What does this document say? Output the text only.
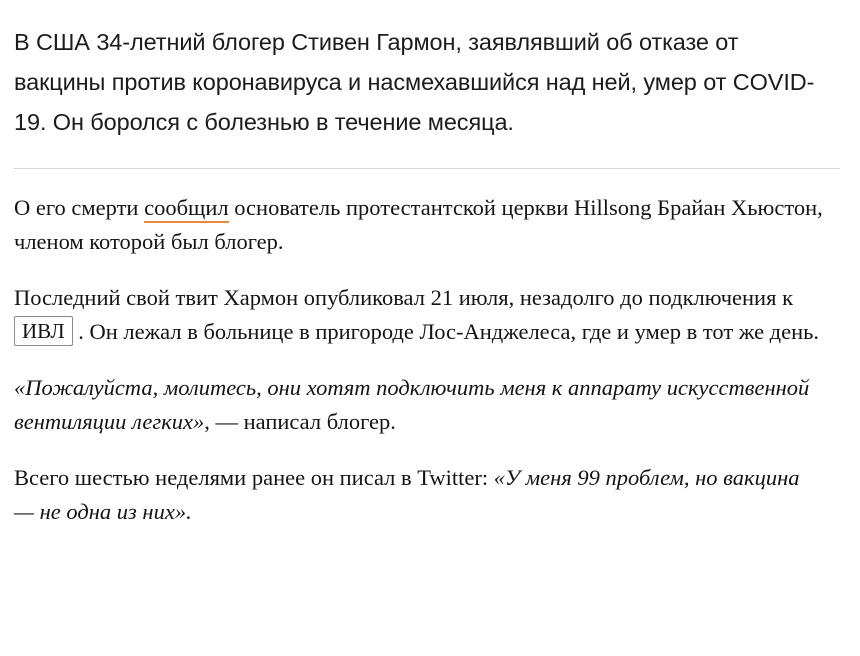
В США 34-летний блогер Стивен Гармон, заявлявший об отказе от вакцины против коронавируса и насмехавшийся над ней, умер от COVID-19. Он боролся с болезнью в течение месяца.

О его смерти сообщил основатель протестантской церкви Hillsong Брайан Хьюстон, членом которой был блогер.

Последний свой твит Хармон опубликовал 21 июля, незадолго до подключения к ИВЛ . Он лежал в больнице в пригороде Лос-Анджелеса, где и умер в тот же день.

«Пожалуйста, молитесь, они хотят подключить меня к аппарату искусственной вентиляции легких», — написал блогер.

Всего шестью неделями ранее он писал в Twitter: «У меня 99 проблем, но вакцина — не одна из них».
